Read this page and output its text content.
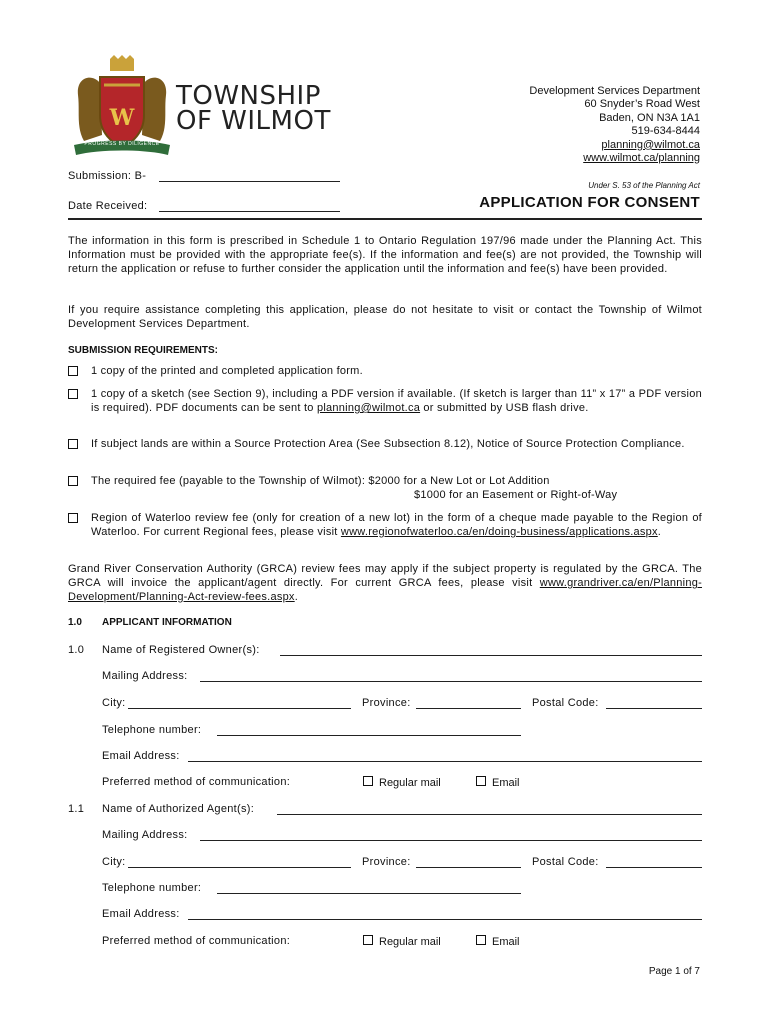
W
PROGRESS BY DILIGENCE
TOWNSHIP
OF WILMOT
Development Services Department
60 Snyder’s Road West
Baden, ON N3A 1A1
519-634-8444
planning@wilmot.ca
www.wilmot.ca/planning
Submission: B-
Under S. 53 of the Planning Act
Date Received:	APPLICATION FOR CONSENT
The information in this form is prescribed in Schedule 1 to Ontario Regulation 197/96 made under the Planning Act. This Information must be provided with the appropriate fee(s). If the information and fee(s) are not provided, the Township will return the application or refuse to further consider the application until the information and fee(s) have been provided.
If you require assistance completing this application, please do not hesitate to visit or contact the Township of Wilmot Development Services Department.
SUBMISSION REQUIREMENTS:
1 copy of the printed and completed application form.
1 copy of a sketch (see Section 9), including a PDF version if available. (If sketch is larger than 11” x 17” a PDF version is required). PDF documents can be sent to planning@wilmot.ca or submitted by USB flash drive.
If subject lands are within a Source Protection Area (See Subsection 8.12), Notice of Source Protection Compliance.
The required fee (payable to the Township of Wilmot): $2000 for a New Lot or Lot Addition
$1000 for an Easement or Right-of-Way
Region of Waterloo review fee (only for creation of a new lot) in the form of a cheque made payable to the Region of Waterloo. For current Regional fees, please visit www.regionofwaterloo.ca/en/doing-business/applications.aspx.
Grand River Conservation Authority (GRCA) review fees may apply if the subject property is regulated by the GRCA. The GRCA will invoice the applicant/agent directly. For current GRCA fees, please visit www.grandriver.ca/en/Planning-Development/Planning-Act-review-fees.aspx.
1.0 APPLICANT INFORMATION
1.0 Name of Registered Owner(s):
Mailing Address:
City:	Province:	Postal Code:
Telephone number:
Email Address:
Preferred method of communication:	Regular mail	Email
1.1 Name of Authorized Agent(s):
Mailing Address:
City:	Province:	Postal Code:
Telephone number:
Email Address:
Preferred method of communication:	Regular mail	Email
Page 1 of 7
